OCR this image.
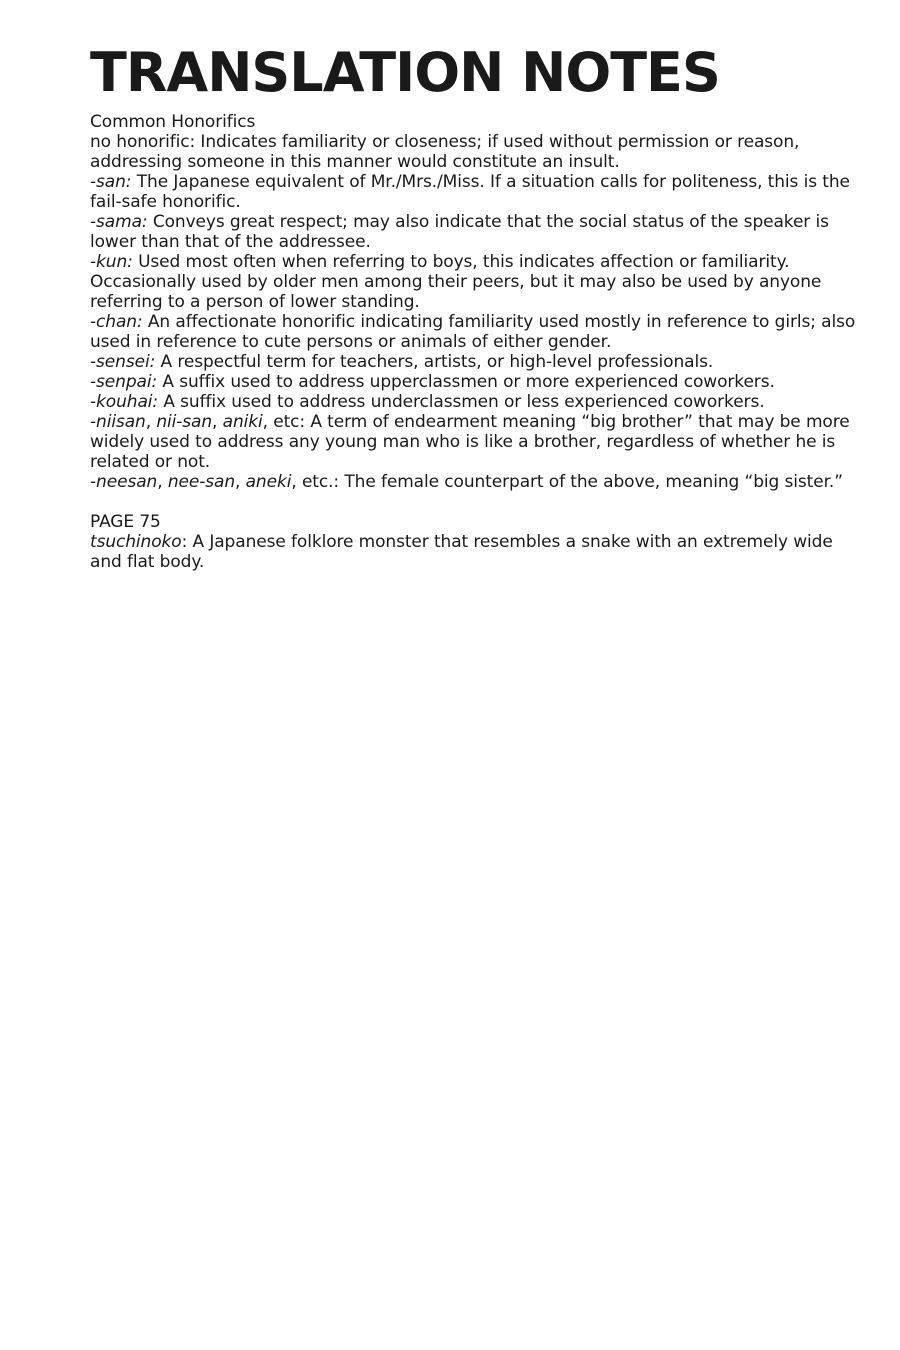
TRANSLATION NOTES

Common Honorifics

no honorific: Indicates familiarity or closeness; if used without permission or reason, addressing someone in this manner would constitute an insult.

-san: The Japanese equivalent of Mr./Mrs./Miss. If a situation calls for politeness, this is the fail-safe honorific.

-sama: Conveys great respect; may also indicate that the social status of the speaker is lower than that of the addressee.

-kun: Used most often when referring to boys, this indicates affection or familiarity. Occasionally used by older men among their peers, but it may also be used by anyone referring to a person of lower standing.

-chan: An affectionate honorific indicating familiarity used mostly in reference to girls; also used in reference to cute persons or animals of either gender.

-sensei: A respectful term for teachers, artists, or high-level professionals.

-senpai: A suffix used to address upperclassmen or more experienced coworkers.

-kouhai: A suffix used to address underclassmen or less experienced coworkers.

-niisan, nii-san, aniki, etc: A term of endearment meaning “big brother” that may be more widely used to address any young man who is like a brother, regardless of whether he is related or not.

-neesan, nee-san, aneki, etc.: The female counterpart of the above, meaning “big sister.”

PAGE 75

tsuchinoko: A Japanese folklore monster that resembles a snake with an extremely wide and flat body.
